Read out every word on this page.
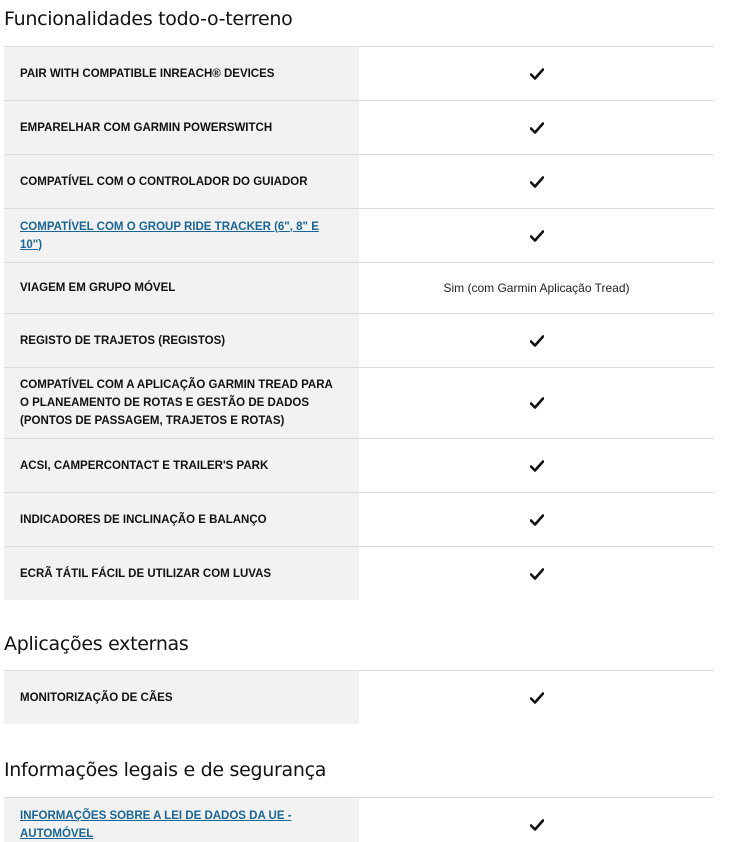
Funcionalidades todo-o-terreno
PAIR WITH COMPATIBLE INREACH® DEVICES
EMPARELHAR COM GARMIN POWERSWITCH
COMPATÍVEL COM O CONTROLADOR DO GUIADOR
COMPATÍVEL COM O GROUP RIDE TRACKER (6", 8" E 10")
VIAGEM EM GRUPO MÓVEL	Sim (com Garmin Aplicação Tread)
REGISTO DE TRAJETOS (REGISTOS)
COMPATÍVEL COM A APLICAÇÃO GARMIN TREAD PARA O PLANEAMENTO DE ROTAS E GESTÃO DE DADOS (PONTOS DE PASSAGEM, TRAJETOS E ROTAS)
ACSI, CAMPERCONTACT E TRAILER'S PARK
INDICADORES DE INCLINAÇÃO E BALANÇO
ECRÃ TÁTIL FÁCIL DE UTILIZAR COM LUVAS
Aplicações externas
MONITORIZAÇÃO DE CÃES
Informações legais e de segurança
INFORMAÇÕES SOBRE A LEI DE DADOS DA UE - AUTOMÓVEL
